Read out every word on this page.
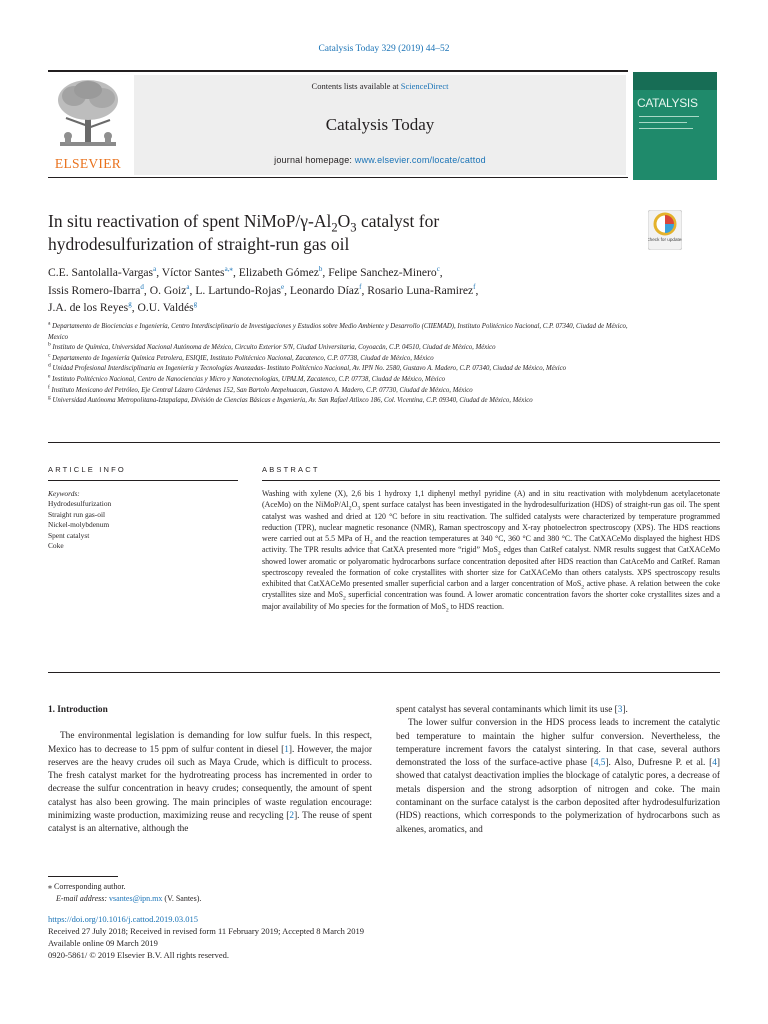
Catalysis Today 329 (2019) 44–52
ELSEVIER
Contents lists available at ScienceDirect
Catalysis Today
journal homepage: www.elsevier.com/locate/cattod
CATALYSIS
In situ reactivation of spent NiMoP/$\gamma-Al_2O_3$ catalyst for
hydrodesulfurization of straight-run gas oil	Check for updates
C.E. Santolalla-Vargas$^a$, Víctor Santes$^{a,⁎}$, Elizabeth Gómez$^b$, Felipe Sanchez-Minero$^c$,
Issis Romero-Ibarra$^d$, O. Goiz$^a$, L. Lartundo-Rojas$^e$, Leonardo Díaz$^f$, Rosario Luna-Ramirez$^f$,
J.A. de los Reyes$^g$, O.U. Valdés$^g$
$^a$ Departamento de Biociencias e Ingeniería, Centro Interdisciplinario de Investigaciones y Estudios sobre Medio Ambiente y Desarrollo (CIIEMAD), Instituto Politécnico Nacional, C.P. 07340, Ciudad de México, Mexico
$^b$ Instituto de Química, Universidad Nacional Autónoma de México, Circuito Exterior S/N, Ciudad Universitaria, Coyoacán, C.P. 04510, Ciudad de México, México
$^c$ Departamento de Ingeniería Química Petrolera, ESIQIE, Instituto Politécnico Nacional, Zacatenco, C.P. 07738, Ciudad de México, México
$^d$ Unidad Profesional Interdisciplinaria en Ingeniería y Tecnologías Avanzadas- Instituto Politécnico Nacional, Av. IPN No. 2580, Gustavo A. Madero, C.P. 07340, Ciudad de México, México
$^e$ Instituto Politécnico Nacional, Centro de Nanociencias y Micro y Nanotecnologías, UPALM, Zacatenco, C.P. 07738, Ciudad de México, México
$^f$ Instituto Mexicano del Petróleo, Eje Central Lázaro Cárdenas 152, San Bartolo Atepehuacan, Gustavo A. Madero, C.P. 07730, Ciudad de México, México
$^g$ Universidad Autónoma Metropolitana-Iztapalapa, División de Ciencias Básicas e Ingeniería, Av. San Rafael Atlixco 186, Col. Vicentina, C.P. 09340, Ciudad de México, México
ARTICLE INFO	ABSTRACT
Keywords:
Hydrodesulfurization
Straight run gas-oil
Nickel-molybdenum
Spent catalyst
Coke
Washing with xylene (X), 2,6 bis 1 hydroxy 1,1 diphenyl methyl pyridine (A) and in situ reactivation with molybdenum acetylacetonate (AceMo) on the NiMoP/$Al_2O_3$ spent surface catalyst has been investigated in the hydrodesulfurization (HDS) of straight-run gas oil. The spent catalyst was washed and dried at 120 °C before in situ reactivation. The sulfided catalysts were characterized by temperature programmed reduction (TPR), nuclear magnetic resonance (NMR), Raman spectroscopy and X-ray photoelectron spectroscopy (XPS). The HDS reactions were carried out at 5.5 MPa of $H_2$ and the reaction temperatures at 340 °C, 360 °C and 380 °C. The CatXACeMo displayed the highest HDS activity. The TPR results advice that CatXA presented more “rigid” MoS$_2$ edges than CatRef catalyst. NMR results suggest that CatXACeMo showed lower aromatic or polyaromatic hydrocarbons surface concentration deposited after HDS reaction than CatAceMo and CatRef. Raman spectroscopy revealed the formation of coke crystallites with shorter size for CatXACeMo than others catalysts. XPS spectroscopy results exhibited that CatXACeMo presented smaller superficial carbon and a larger concentration of MoS$_2$ active phase. A relation between the coke crystallites size and MoS$_2$ superficial concentration was found. A lower aromatic concentration favors the shorter coke crystallites sizes and a major availability of Mo species for the formation of MoS$_2$ to HDS reaction.
1. Introduction
The environmental legislation is demanding for low sulfur fuels. In this respect, Mexico has to decrease to 15 ppm of sulfur content in diesel [1]. However, the major reserves are the heavy crudes oil such as Maya Crude, which is difficult to process. The fresh catalyst market for the hydrotreating process has incremented in order to decrease the sulfur concentration in heavy crudes; consequently, the amount of spent catalyst has also been growing. The main principles of waste regulation encourage: minimizing waste production, maximizing reuse and recycling [2]. The reuse of spent catalyst is an alternative, although the
spent catalyst has several contaminants which limit its use [3].
The lower sulfur conversion in the HDS process leads to increment the catalytic bed temperature to maintain the higher sulfur conversion. Nevertheless, the temperature increment favors the catalyst sintering. In that case, several authors demonstrated the loss of the surface-active phase [4,5]. Also, Dufresne P. et al. [4] showed that catalyst deactivation implies the blockage of catalytic pores, a decrease of metals dispersion and the strong adsorption of nitrogen and coke. The main contaminant on the surface catalyst is the carbon deposited after hydrodesulfurization (HDS) reactions, which corresponds to the polymerization of hydrocarbons such as alkenes, aromatics, and
⁎ Corresponding author.
E-mail address: vsantes@ipn.mx (V. Santes).
https://doi.org/10.1016/j.cattod.2019.03.015
Received 27 July 2018; Received in revised form 11 February 2019; Accepted 8 March 2019
Available online 09 March 2019
0920-5861/ © 2019 Elsevier B.V. All rights reserved.
